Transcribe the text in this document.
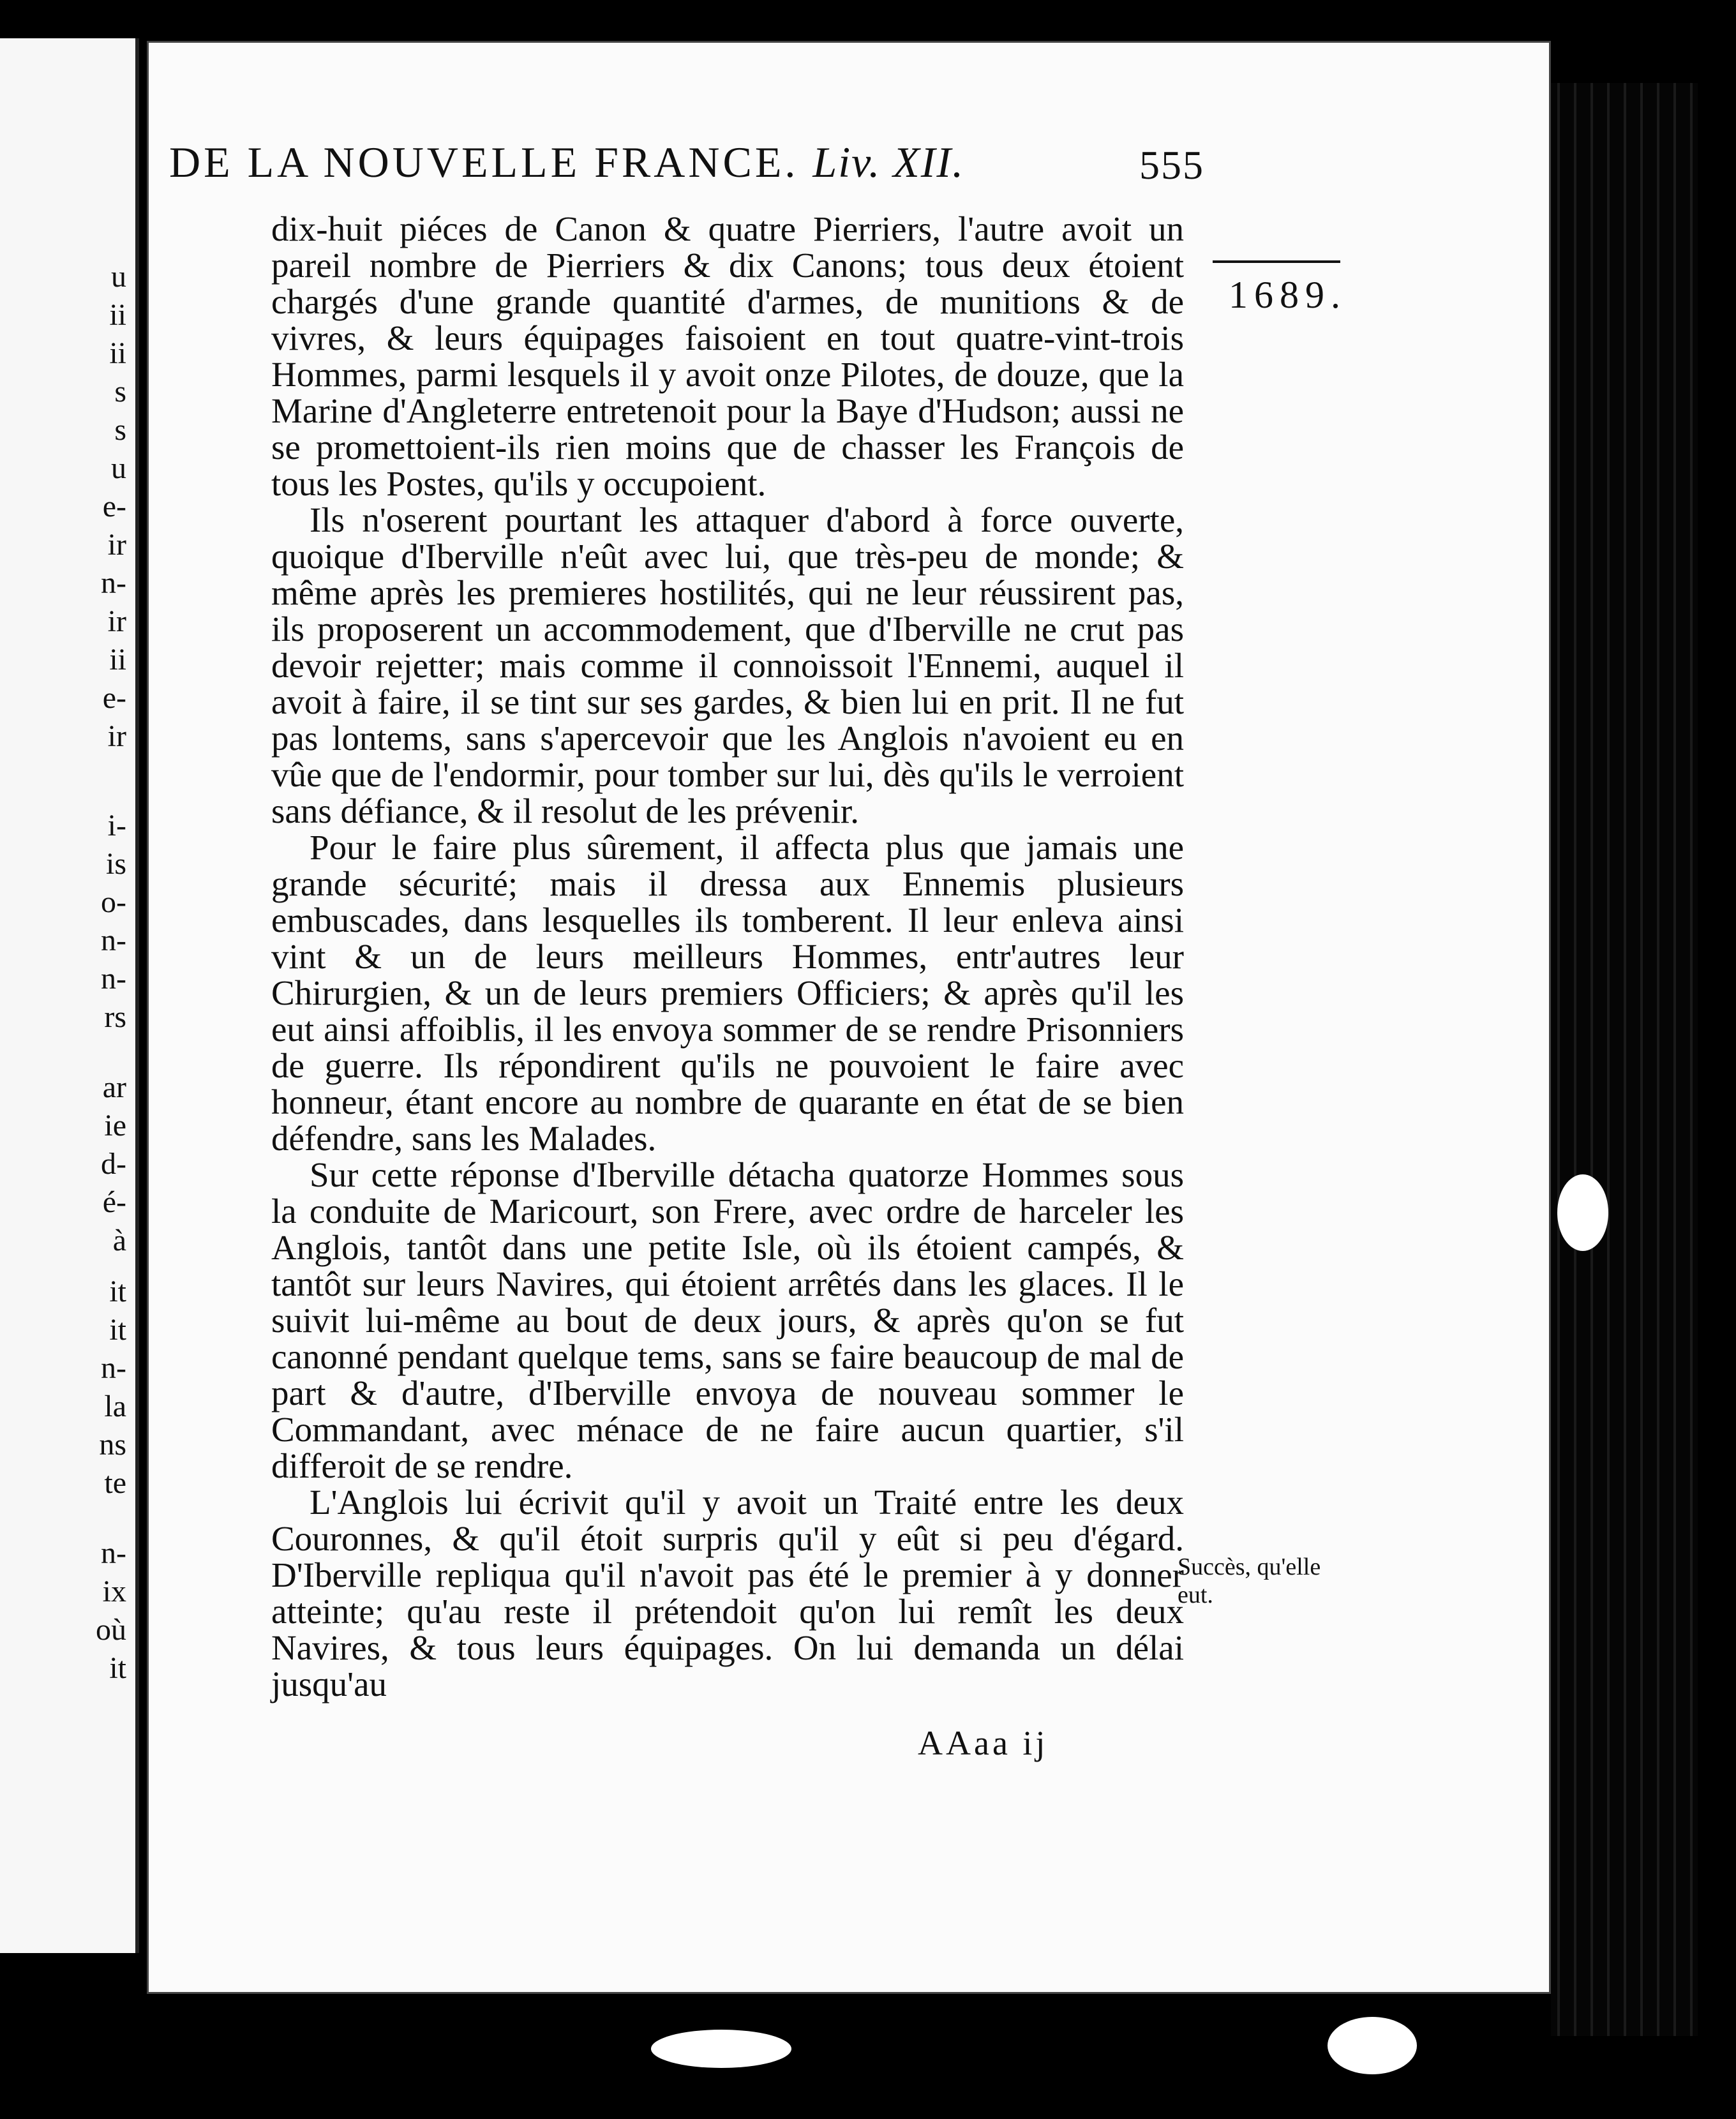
u
ii
ii
s
s
u
e-
ir
n-
ir
ii
e-
ir
i-
is
o-
n-
n-
rs
ar
ie
d-
é-
à
it
it
n-
la
ns
te
n-
ix
où
it
DE LA NOUVELLE FRANCE. Liv. XII.	555
1689.
Succès, qu'elle eut.

dix-huit piéces de Canon & quatre Pierriers, l'autre avoit un pareil nombre de Pierriers & dix Canons; tous deux étoient chargés d'une grande quantité d'armes, de munitions & de vivres, & leurs équipages faisoient en tout quatre-vint-trois Hommes, parmi lesquels il y avoit onze Pilotes, de douze, que la Marine d'Angleterre entretenoit pour la Baye d'Hudson; aussi ne se promettoient-ils rien moins que de chasser les François de tous les Postes, qu'ils y occupoient.

Ils n'oserent pourtant les attaquer d'abord à force ouverte, quoique d'Iberville n'eût avec lui, que très-peu de monde; & même après les premieres hostilités, qui ne leur réussirent pas, ils proposerent un accommodement, que d'Iberville ne crut pas devoir rejetter; mais comme il connoissoit l'Ennemi, auquel il avoit à faire, il se tint sur ses gardes, & bien lui en prit. Il ne fut pas lontems, sans s'apercevoir que les Anglois n'avoient eu en vûe que de l'endormir, pour tomber sur lui, dès qu'ils le verroient sans défiance, & il resolut de les prévenir.

Pour le faire plus sûrement, il affecta plus que jamais une grande sécurité; mais il dressa aux Ennemis plusieurs embuscades, dans lesquelles ils tomberent. Il leur enleva ainsi vint & un de leurs meilleurs Hommes, entr'autres leur Chirurgien, & un de leurs premiers Officiers; & après qu'il les eut ainsi affoiblis, il les envoya sommer de se rendre Prisonniers de guerre. Ils répondirent qu'ils ne pouvoient le faire avec honneur, étant encore au nombre de quarante en état de se bien défendre, sans les Malades.

Sur cette réponse d'Iberville détacha quatorze Hommes sous la conduite de Maricourt, son Frere, avec ordre de harceler les Anglois, tantôt dans une petite Isle, où ils étoient campés, & tantôt sur leurs Navires, qui étoient arrêtés dans les glaces. Il le suivit lui-même au bout de deux jours, & après qu'on se fut canonné pendant quelque tems, sans se faire beaucoup de mal de part & d'autre, d'Iberville envoya de nouveau sommer le Commandant, avec ménace de ne faire aucun quartier, s'il differoit de se rendre.

L'Anglois lui écrivit qu'il y avoit un Traité entre les deux Couronnes, & qu'il étoit surpris qu'il y eût si peu d'égard. D'Iberville repliqua qu'il n'avoit pas été le premier à y donner atteinte; qu'au reste il prétendoit qu'on lui remît les deux Navires, & tous leurs équipages. On lui demanda un délai jusqu'au

AAaa ij
